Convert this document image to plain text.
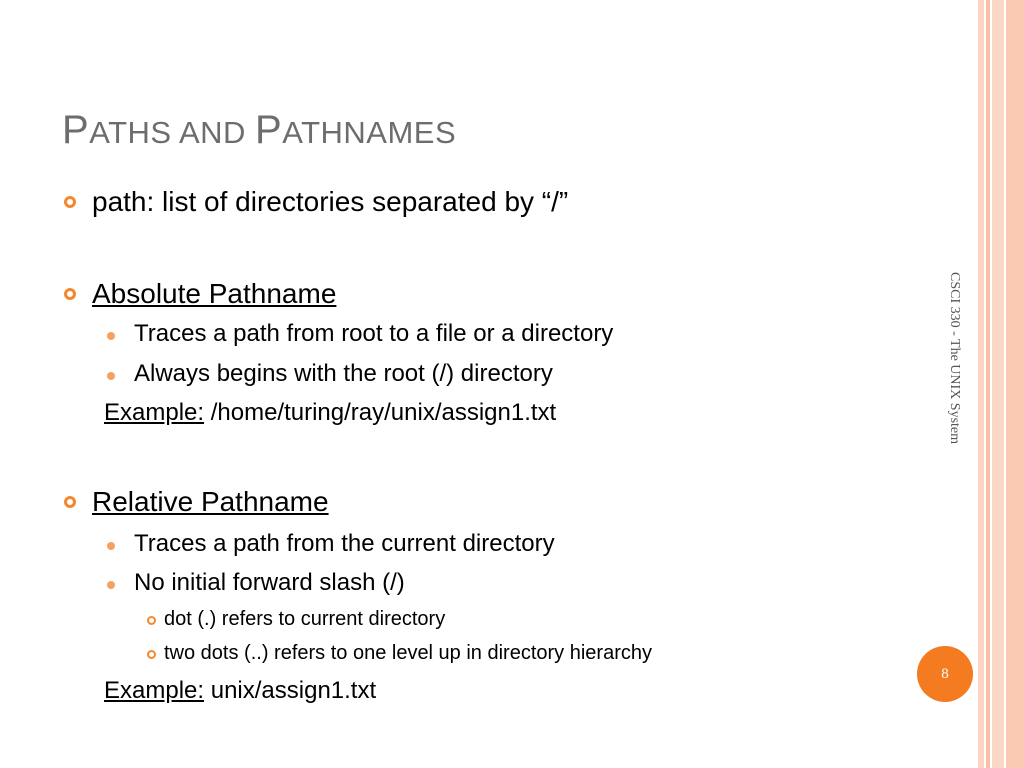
PATHS AND PATHNAMES
path: list of directories separated by “/”
Absolute Pathname
Traces a path from root to a file or a directory
Always begins with the root (/) directory
Example: /home/turing/ray/unix/assign1.txt
Relative Pathname
Traces a path from the current directory
No initial forward slash (/)
dot (.) refers to current directory
two dots (..) refers to one level up in directory hierarchy
Example: unix/assign1.txt
CSCI 330 - The UNIX System
8
